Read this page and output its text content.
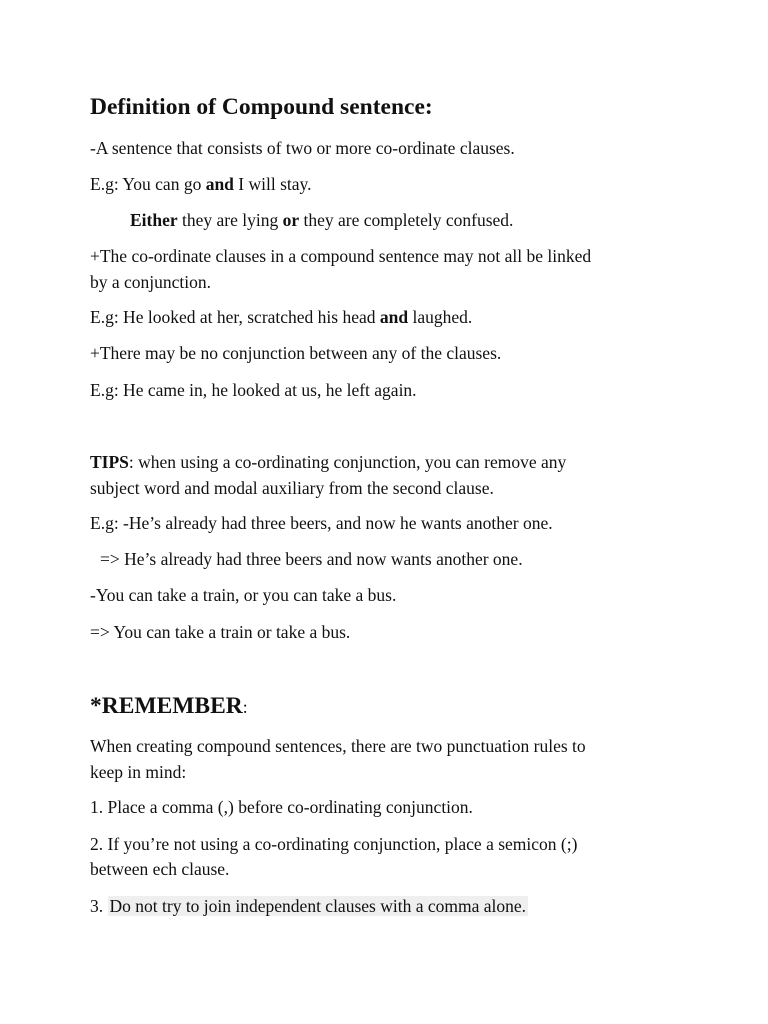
Definition of Compound sentence:
-A sentence that consists of two or more co-ordinate clauses.
E.g: You can go and I will stay.
Either they are lying or they are completely confused.
+The co-ordinate clauses in a compound sentence may not all be linked
by a conjunction.
E.g: He looked at her, scratched his head and laughed.
+There may be no conjunction between any of the clauses.
E.g: He came in, he looked at us, he left again.
TIPS: when using a co-ordinating conjunction, you can remove any
subject word and modal auxiliary from the second clause.
E.g: -He’s already had three beers, and now he wants another one.
=> He’s already had three beers and now wants another one.
-You can take a train, or you can take a bus.
=> You can take a train or take a bus.
*REMEMBER:
When creating compound sentences, there are two punctuation rules to
keep in mind:
1. Place a comma (,) before co-ordinating conjunction.
2. If you’re not using a co-ordinating conjunction, place a semicon (;)
between ech clause.
3. Do not try to join independent clauses with a comma alone.
